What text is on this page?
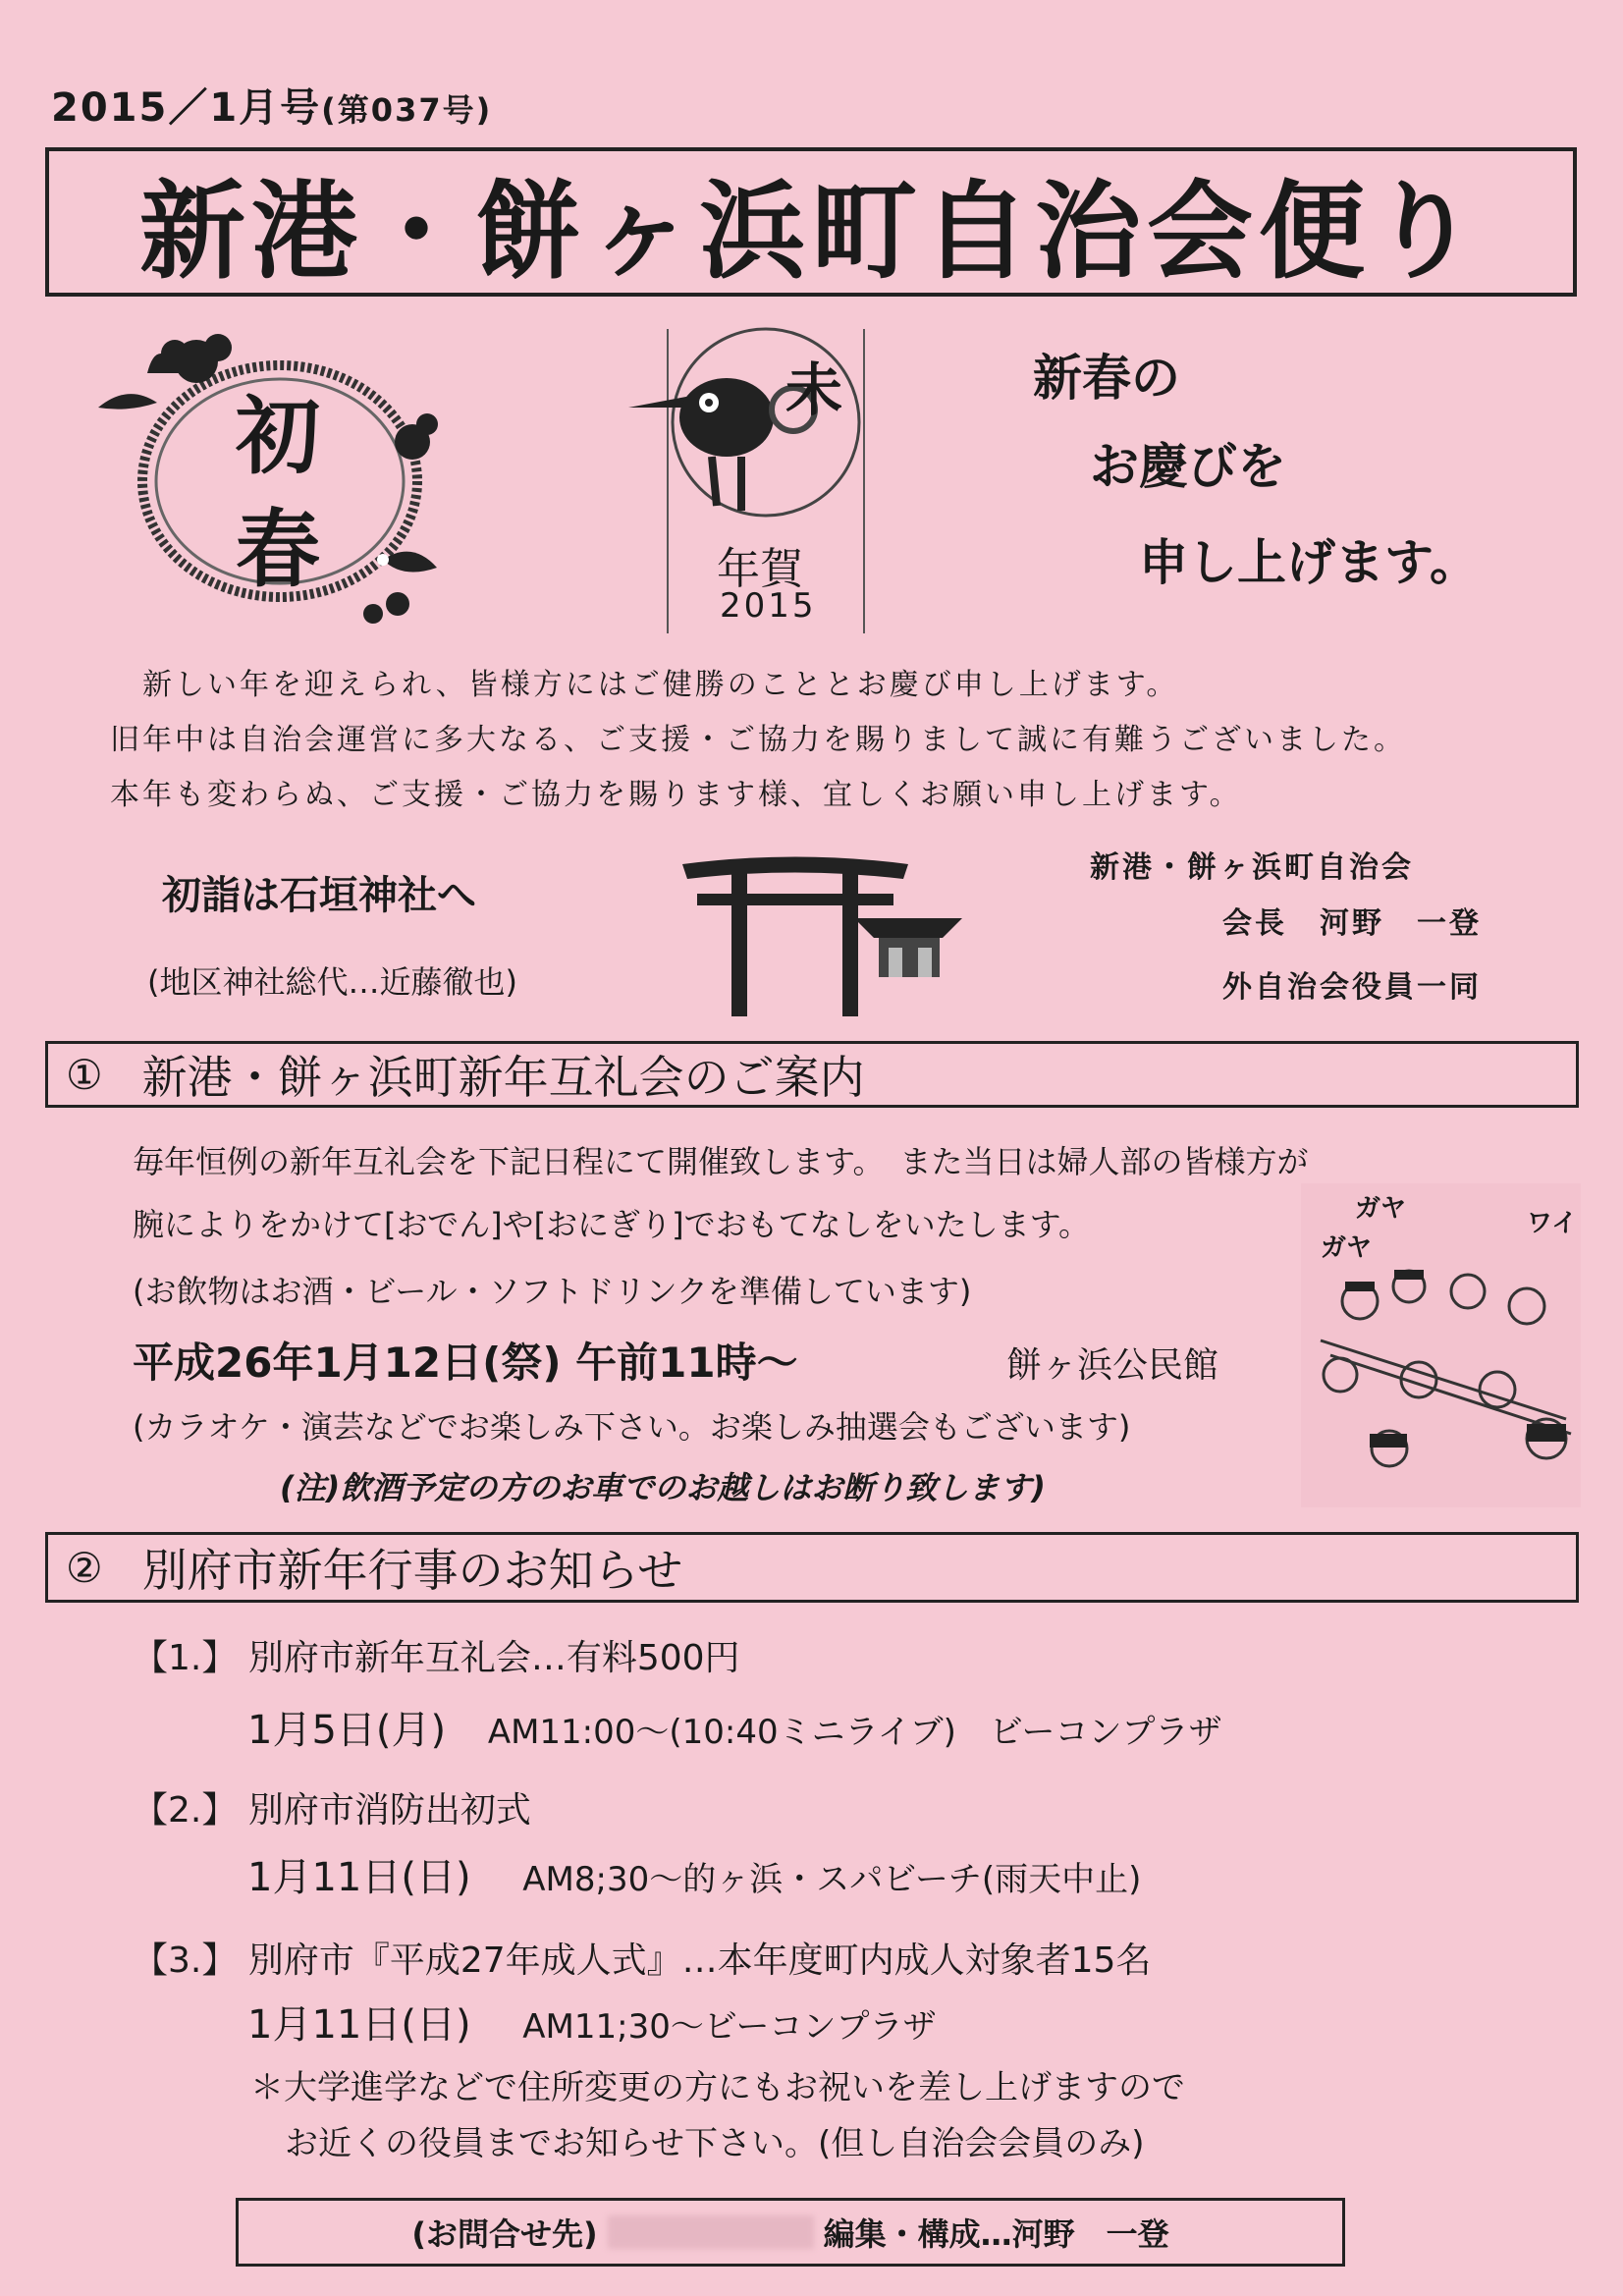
2015／1月号(第037号)
新港・餅ヶ浜町自治会便り
初
春
未
年賀
2015
新春の
お慶びを
申し上げます。
新しい年を迎えられ、皆様方にはご健勝のこととお慶び申し上げます。
旧年中は自治会運営に多大なる、ご支援・ご協力を賜りまして誠に有難うございました。
本年も変わらぬ、ご支援・ご協力を賜ります様、宜しくお願い申し上げます。
初詣は石垣神社へ
(地区神社総代…近藤徹也)
新港・餅ヶ浜町自治会
会長　河野　一登
外自治会役員一同
① 新港・餅ヶ浜町新年互礼会のご案内
毎年恒例の新年互礼会を下記日程にて開催致します。　また当日は婦人部の皆様方が
腕によりをかけて[おでん]や[おにぎり]でおもてなしをいたします。
(お飲物はお酒・ビール・ソフトドリンクを準備しています)
平成26年1月12日(祭) 午前11時～	餅ヶ浜公民館
(カラオケ・演芸などでお楽しみ下さい。お楽しみ抽選会もございます)
(注)飲酒予定の方のお車でのお越しはお断り致します)
ガヤ
ガヤ
ワイ
② 別府市新年行事のお知らせ
【1.】 別府市新年互礼会…有料500円
1月5日(月) AM11:00～(10:40ミニライブ)　ビーコンプラザ
【2.】 別府市消防出初式
1月11日(日) AM8;30～的ヶ浜・スパビーチ(雨天中止)
【3.】 別府市『平成27年成人式』…本年度町内成人対象者15名
1月11日(日) AM11;30～ビーコンプラザ
＊大学進学などで住所変更の方にもお祝いを差し上げますので
お近くの役員までお知らせ下さい。(但し自治会会員のみ)
(お問合せ先)	編集・構成…河野　一登
